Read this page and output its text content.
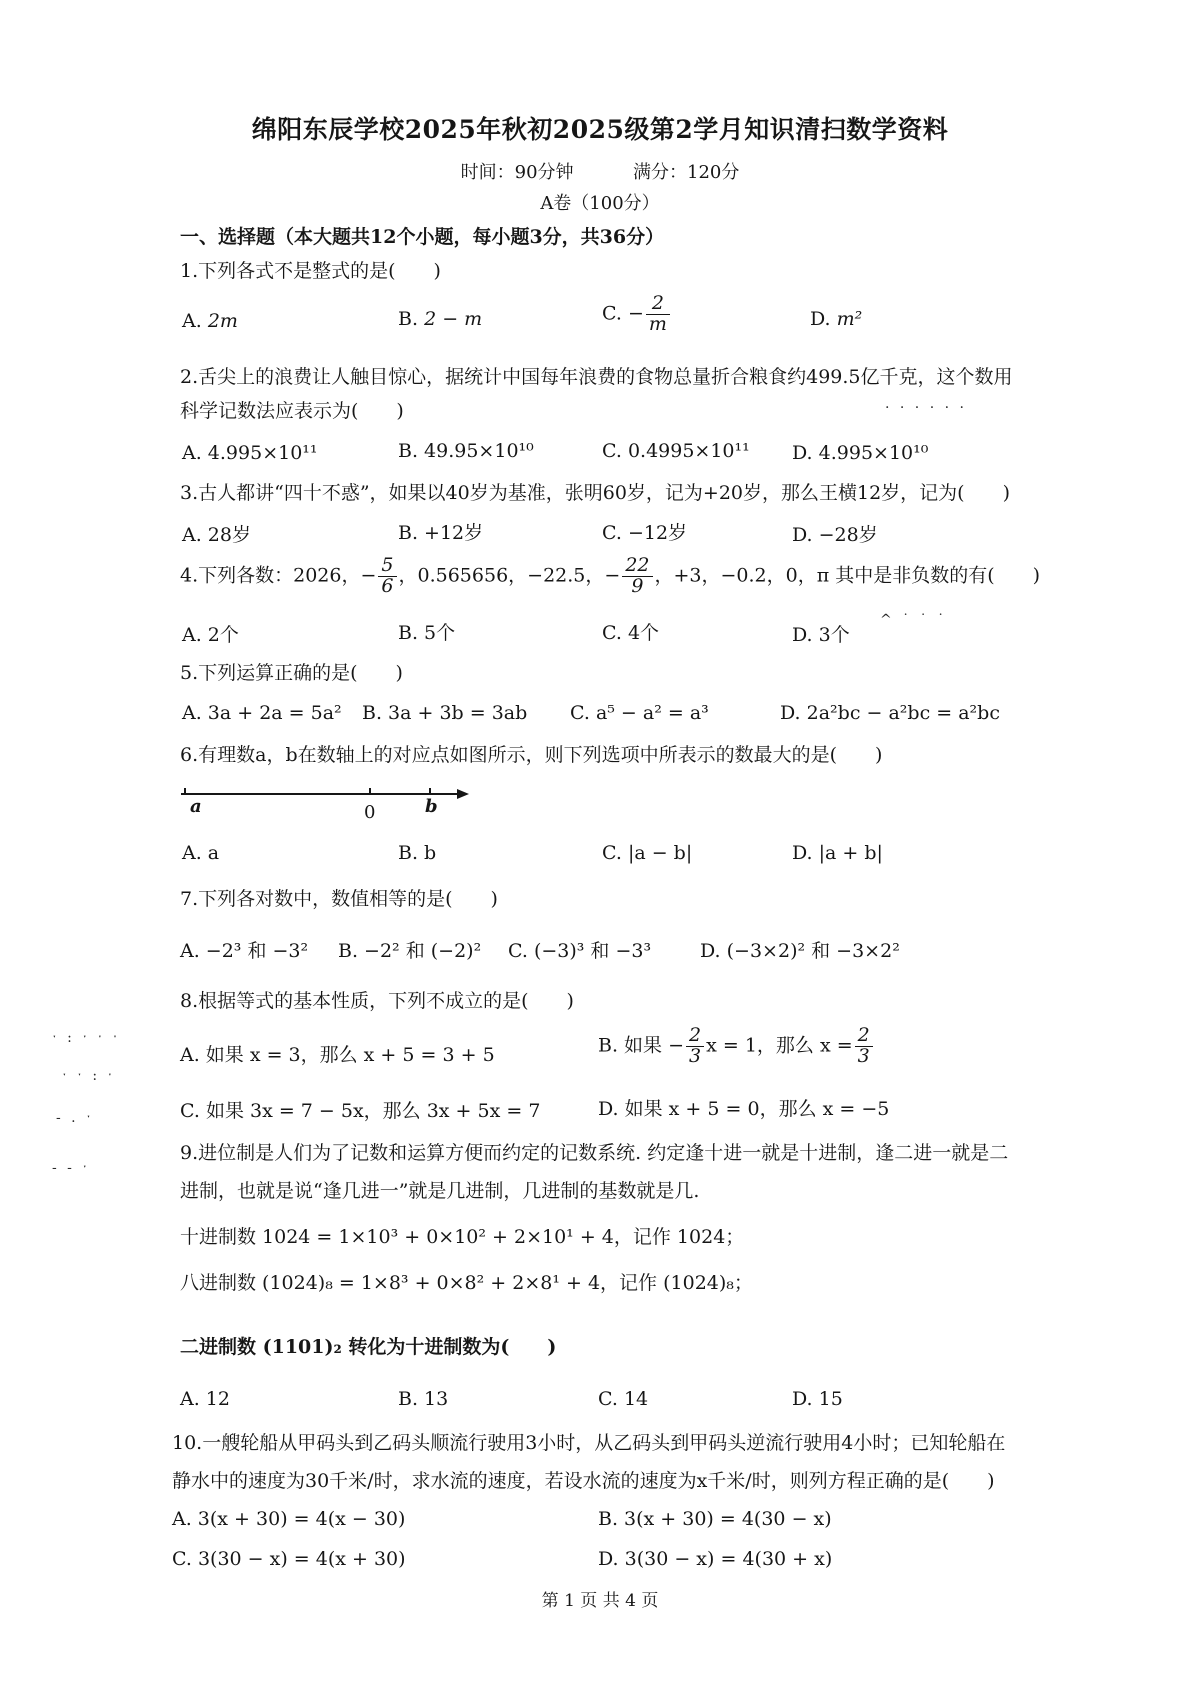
绵阳东辰学校2025年秋初2025级第2学月知识清扫数学资料
时间：90分钟	满分：120分
A卷（100分）
一、选择题（本大题共12个小题，每小题3分，共36分）
1.下列各式不是整式的是(　　)
A. 2m	B. 2 − m	C. − $\frac{2}{m}$	D. m²
2.舌尖上的浪费让人触目惊心，据统计中国每年浪费的食物总量折合粮食约499.5亿千克，这个数用
科学记数法应表示为(　　)	. . . . . .
A. 4.995×10¹¹	B. 49.95×10¹⁰	C. 0.4995×10¹¹ D. 4.995×10¹⁰
3.古人都讲“四十不惑”，如果以40岁为基准，张明60岁，记为+20岁，那么王横12岁，记为(　　)
A. 28岁	B. +12岁	C. −12岁	D. −28岁
4.下列各数：2026，− $\frac{5}{6}$ ，0.565656，−22.5，− $\frac{22}{9}$ ，+3，−0.2，0，π 其中是非负数的有(　　)
A. 2个	B. 5个	C. 4个	D. 3个
^ ˙ ˙ ˙
5.下列运算正确的是(　　)
A. 3a + 2a = 5a² B. 3a + 3b = 3ab C. a⁵ − a² = a³	D. 2a²bc − a²bc = a²bc
6.有理数a，b在数轴上的对应点如图所示，则下列选项中所表示的数最大的是(　　)
a	0	b
A. a	B. b	C. |a − b|	D. |a + b|
7.下列各对数中，数值相等的是(　　)
A. −2³ 和 −3² B. −2² 和 (−2)² C. (−3)³ 和 −3³	D. (−3×2)² 和 −3×2²
8.根据等式的基本性质，下列不成立的是(　　)
A. 如果 x = 3，那么 x + 5 = 3 + 5	B. 如果 − $\frac{2}{3}$ x = 1，那么 $x = \frac{2}{3}$
C. 如果 3x = 7 − 5x，那么 3x + 5x = 7	D. 如果 x + 5 = 0，那么 x = −5
ˑ : ˑ ˑ ˑ
ˑ ˑ : ˑ
- . ˑ
- - ˑ
9.进位制是人们为了记数和运算方便而约定的记数系统. 约定逢十进一就是十进制，逢二进一就是二
进制，也就是说“逢几进一”就是几进制，几进制的基数就是几.
十进制数 1024 = 1×10³ + 0×10² + 2×10¹ + 4，记作 1024；
八进制数 (1024)₈ = 1×8³ + 0×8² + 2×8¹ + 4，记作 (1024)₈；
二进制数 (1101)₂ 转化为十进制数为(　　)
A. 12	B. 13	C. 14	D. 15
10.一艘轮船从甲码头到乙码头顺流行驶用3小时，从乙码头到甲码头逆流行驶用4小时；已知轮船在
静水中的速度为30千米/时，求水流的速度，若设水流的速度为x千米/时，则列方程正确的是(　　)
A. 3(x + 30) = 4(x − 30)	B. 3(x + 30) = 4(30 − x)
C. 3(30 − x) = 4(x + 30)	D. 3(30 − x) = 4(30 + x)
第 1 页 共 4 页
